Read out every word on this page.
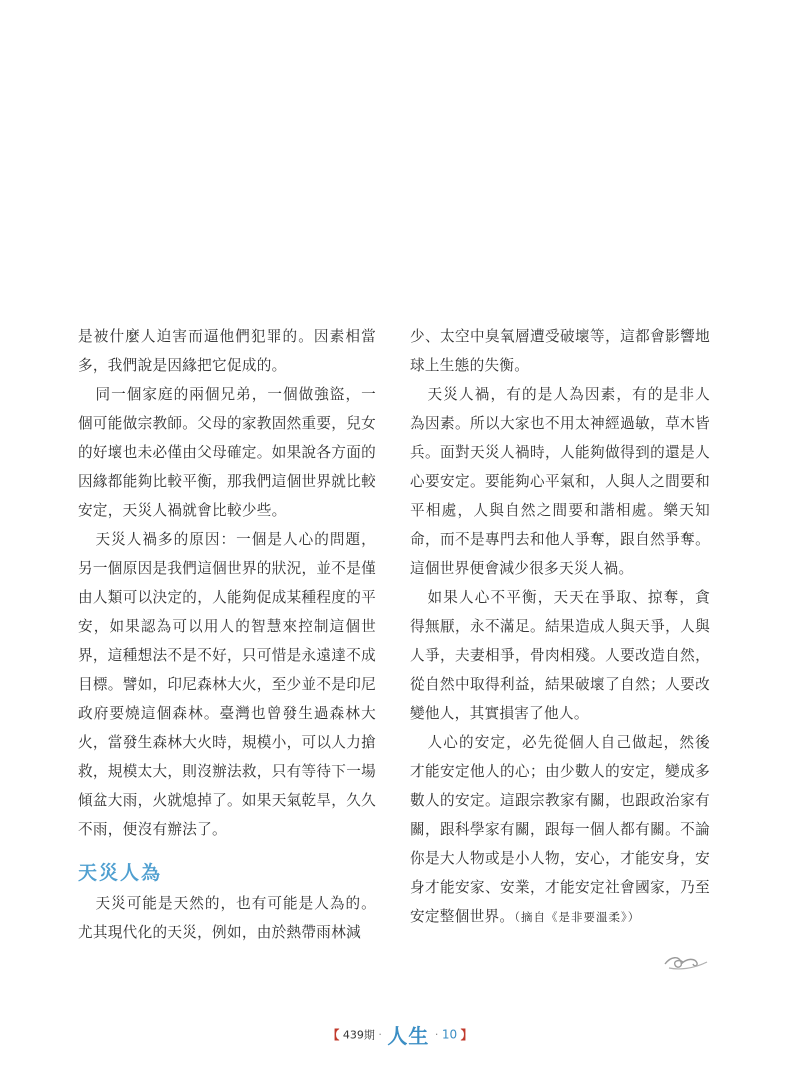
是被什麼人迫害而逼他們犯罪的。因素相當多，我們說是因緣把它促成的。

同一個家庭的兩個兄弟，一個做強盜，一個可能做宗教師。父母的家教固然重要，兒女的好壞也未必僅由父母確定。如果說各方面的因緣都能夠比較平衡，那我們這個世界就比較安定，天災人禍就會比較少些。

天災人禍多的原因：一個是人心的問題，另一個原因是我們這個世界的狀況，並不是僅由人類可以決定的，人能夠促成某種程度的平安，如果認為可以用人的智慧來控制這個世界，這種想法不是不好，只可惜是永遠達不成目標。譬如，印尼森林大火，至少並不是印尼政府要燒這個森林。臺灣也曾發生過森林大火，當發生森林大火時，規模小，可以人力搶救，規模太大，則沒辦法救，只有等待下一場傾盆大雨，火就熄掉了。如果天氣乾旱，久久不雨，便沒有辦法了。

天災人為

天災可能是天然的，也有可能是人為的。尤其現代化的天災，例如，由於熱帶雨林減

少、太空中臭氧層遭受破壞等，這都會影響地球上生態的失衡。

天災人禍，有的是人為因素，有的是非人為因素。所以大家也不用太神經過敏，草木皆兵。面對天災人禍時，人能夠做得到的還是人心要安定。要能夠心平氣和，人與人之間要和平相處，人與自然之間要和諧相處。樂天知命，而不是專門去和他人爭奪，跟自然爭奪。這個世界便會減少很多天災人禍。

如果人心不平衡，天天在爭取、掠奪，貪得無厭，永不滿足。結果造成人與天爭，人與人爭，夫妻相爭，骨肉相殘。人要改造自然，從自然中取得利益，結果破壞了自然；人要改變他人，其實損害了他人。

人心的安定，必先從個人自己做起，然後才能安定他人的心；由少數人的安定，變成多數人的安定。這跟宗教家有關，也跟政治家有關，跟科學家有關，跟每一個人都有關。不論你是大人物或是小人物，安心，才能安身，安身才能安家、安業，才能安定社會國家，乃至安定整個世界。（摘自《是非要溫柔》）

【 439期 · 人生 · 10 】
